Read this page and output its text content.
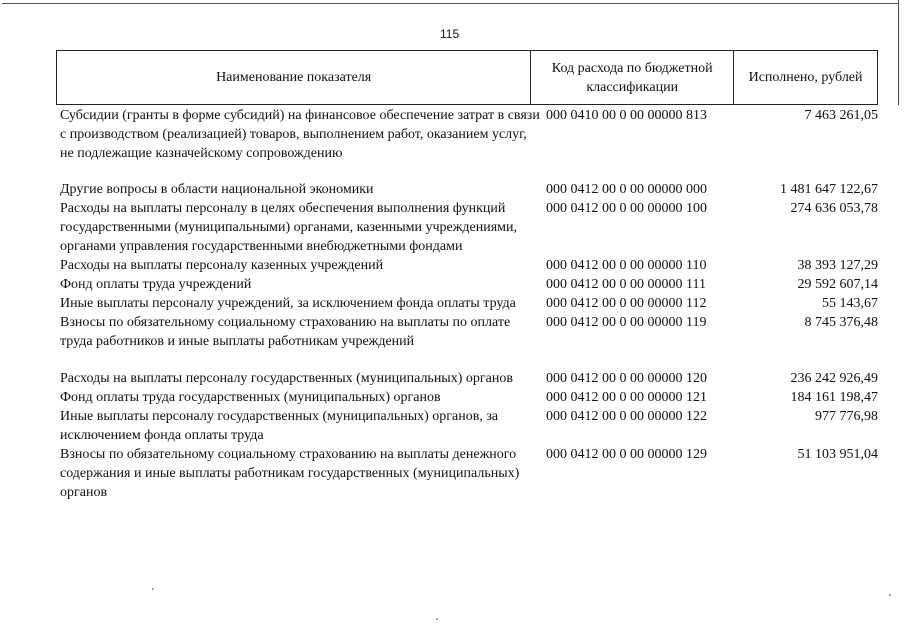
115
Наименование показателя	Код расхода по бюджетной классификации	Исполнено, рублей
Субсидии (гранты в форме субсидий) на финансовое обеспечение затрат в связи с производством (реализацией) товаров, выполнением работ, оказанием услуг, не подлежащие казначейскому сопровождению
000 0410 00 0 00 00000 813	7 463 261,05
Другие вопросы в области национальной экономики	000 0412 00 0 00 00000 000	1 481 647 122,67
Расходы на выплаты персоналу в целях обеспечения выполнения функций государственными (муниципальными) органами, казенными учреждениями, органами управления государственными внебюджетными фондами
000 0412 00 0 00 00000 100	274 636 053,78
Расходы на выплаты персоналу казенных учреждений	000 0412 00 0 00 00000 110	38 393 127,29
Фонд оплаты труда учреждений	000 0412 00 0 00 00000 111	29 592 607,14
Иные выплаты персоналу учреждений, за исключением фонда оплаты труда	000 0412 00 0 00 00000 112	55 143,67
Взносы по обязательному социальному страхованию на выплаты по оплате труда работников и иные выплаты работникам учреждений
000 0412 00 0 00 00000 119	8 745 376,48
Расходы на выплаты персоналу государственных (муниципальных) органов	000 0412 00 0 00 00000 120	236 242 926,49
Фонд оплаты труда государственных (муниципальных) органов	000 0412 00 0 00 00000 121	184 161 198,47
Иные выплаты персоналу государственных (муниципальных) органов, за исключением фонда оплаты труда
000 0412 00 0 00 00000 122	977 776,98
Взносы по обязательному социальному страхованию на выплаты денежного содержания и иные выплаты работникам государственных (муниципальных) органов
000 0412 00 0 00 00000 129	51 103 951,04
